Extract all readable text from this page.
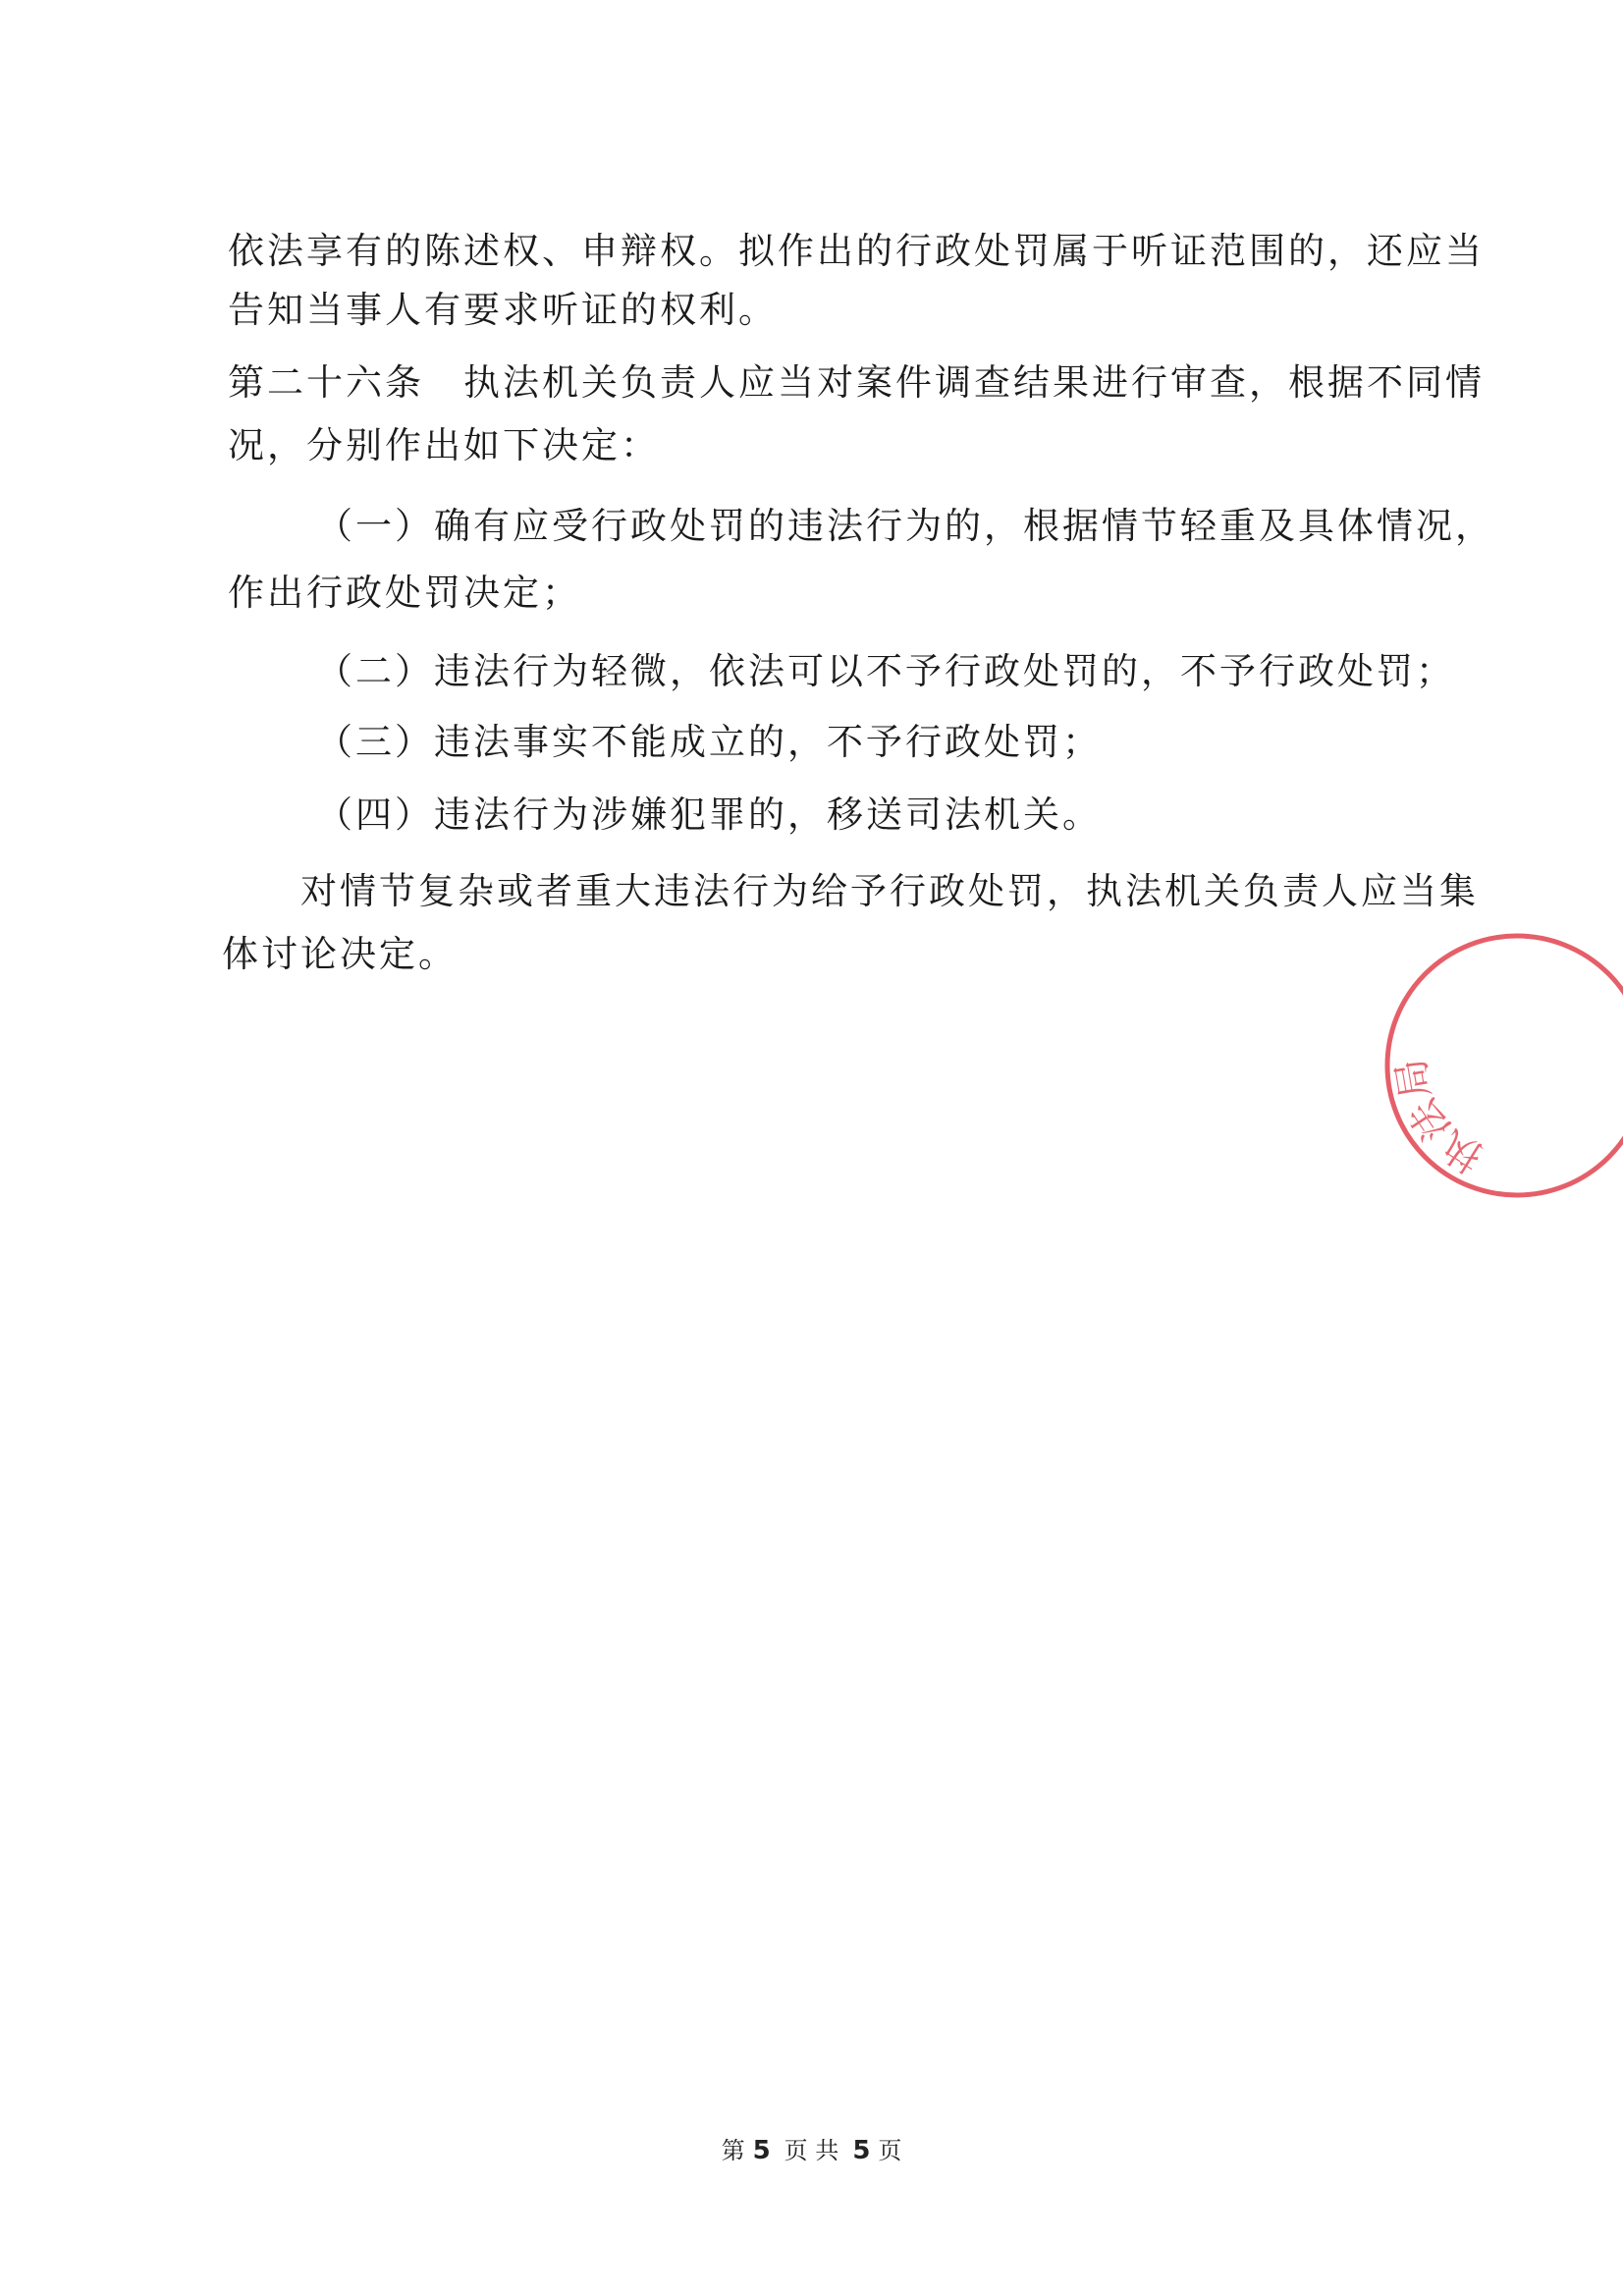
依法享有的陈述权、申辩权。拟作出的行政处罚属于听证范围的，还应当
告知当事人有要求听证的权利。
第二十六条　执法机关负责人应当对案件调查结果进行审查，根据不同情
况，分别作出如下决定：
（一）确有应受行政处罚的违法行为的，根据情节轻重及具体情况，
作出行政处罚决定；
（二）违法行为轻微，依法可以不予行政处罚的，不予行政处罚；
（三）违法事实不能成立的，不予行政处罚；
（四）违法行为涉嫌犯罪的，移送司法机关。
对情节复杂或者重大违法行为给予行政处罚，执法机关负责人应当集
体讨论决定。
执法局
第 5 页 共 5 页
